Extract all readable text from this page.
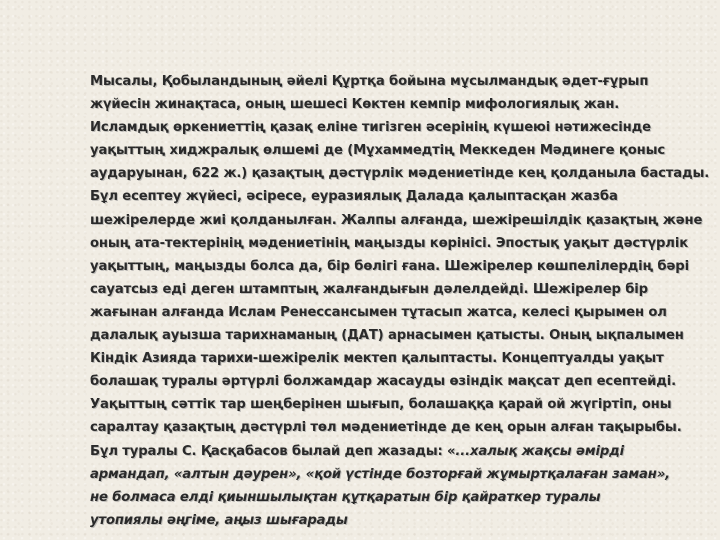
Мысалы, Қобыландының әйелі Құртқа бойына мұсылмандық әдет-ғұрып
жүйесін жинақтаса, оның шешесі Көктен кемпір мифологиялық жан.
Исламдық өркениеттің қазақ еліне тигізген әсерінің күшеюі нәтижесінде
уақыттың хиджралық өлшемі де (Мұхаммедтің Меккеден Мәдинеге қоныс
аударуынан, 622 ж.) қазақтың дәстүрлік мәдениетінде кең қолданыла бастады.
Бұл есептеу жүйесі, әсіресе, еуразиялық Далада қалыптасқан жазба
шежірелерде жиі қолданылған. Жалпы алғанда, шежірешілдік қазақтың және
оның ата-тектерінің мәдениетінің маңызды көрінісі. Эпостық уақыт дәстүрлік
уақыттың, маңызды болса да, бір бөлігі ғана. Шежірелер көшпелілердің бәрі
сауатсыз еді деген штамптың жалғандығын дәлелдейді. Шежірелер бір
жағынан алғанда Ислам Ренессансымен тұтасып жатса, келесі қырымен ол
далалық ауызша тарихнаманың (ДАТ) арнасымен қатысты. Оның ықпалымен
Кіндік Азияда тарихи-шежірелік мектеп қалыптасты. Концептуалды уақыт
болашақ туралы әртүрлі болжамдар жасауды өзіндік мақсат деп есептейді.
Уақыттың сәттік тар шеңберінен шығып, болашаққа қарай ой жүгіртіп, оны
саралтау қазақтың дәстүрлі төл мәдениетінде де кең орын алған тақырыбы.
Бұл туралы С. Қасқабасов былай деп жазады: «...халық жақсы әмірді
армандап, «алтын дәурен», «қой үстінде бозторғай жұмыртқалаған заман»,
не болмаса елді қиыншылықтан құтқаратын бір қайраткер туралы
утопиялы әңгіме, аңыз шығарады
